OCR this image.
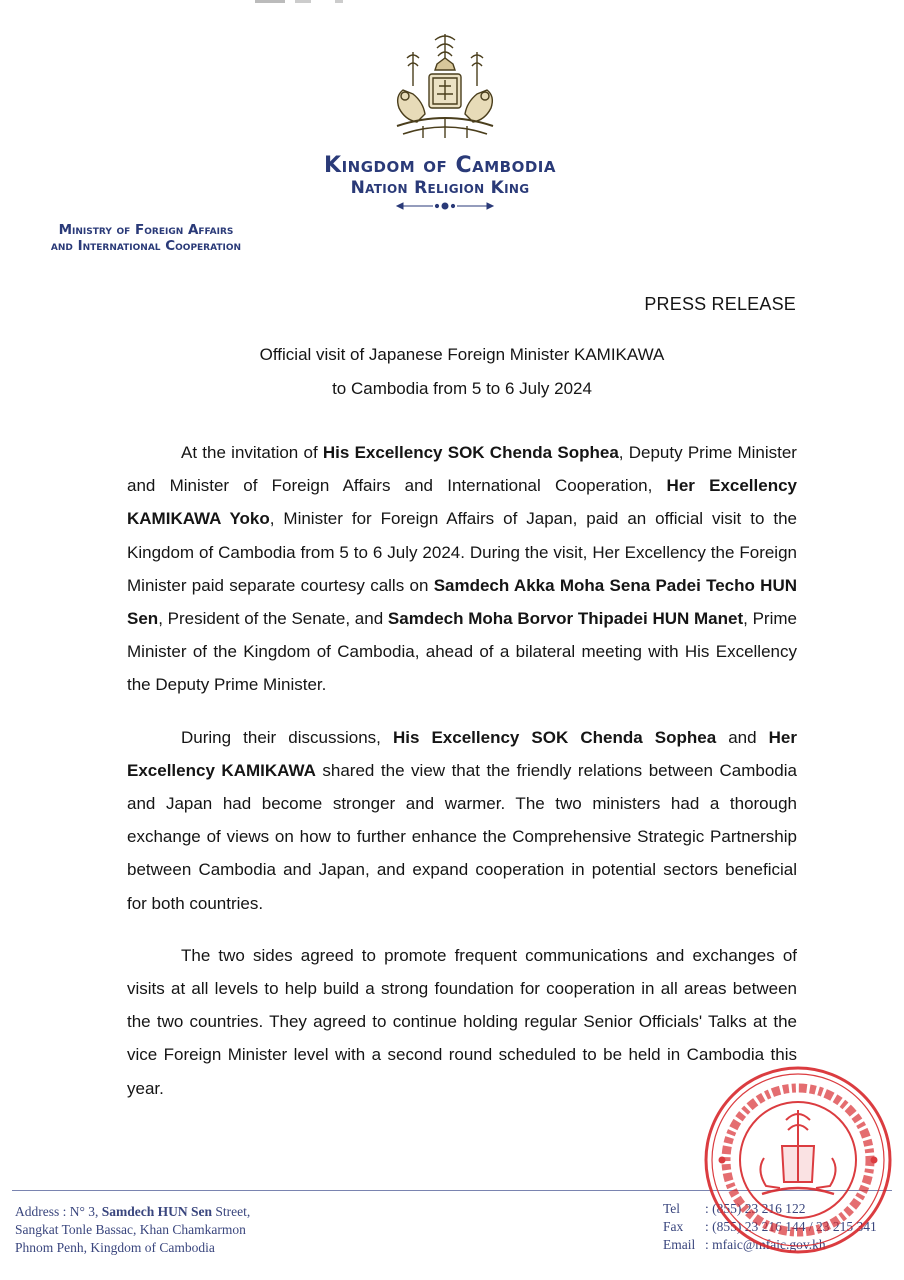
Kingdom of Cambodia
Nation Religion King
Ministry of Foreign Affairs
and International Cooperation
PRESS RELEASE
Official visit of Japanese Foreign Minister KAMIKAWA
to Cambodia from 5 to 6 July 2024

At the invitation of His Excellency SOK Chenda Sophea, Deputy Prime Minister and Minister of Foreign Affairs and International Cooperation, Her Excellency KAMIKAWA Yoko, Minister for Foreign Affairs of Japan, paid an official visit to the Kingdom of Cambodia from 5 to 6 July 2024. During the visit, Her Excellency the Foreign Minister paid separate courtesy calls on Samdech Akka Moha Sena Padei Techo HUN Sen, President of the Senate, and Samdech Moha Borvor Thipadei HUN Manet, Prime Minister of the Kingdom of Cambodia, ahead of a bilateral meeting with His Excellency the Deputy Prime Minister.

During their discussions, His Excellency SOK Chenda Sophea and Her Excellency KAMIKAWA shared the view that the friendly relations between Cambodia and Japan had become stronger and warmer. The two ministers had a thorough exchange of views on how to further enhance the Comprehensive Strategic Partnership between Cambodia and Japan, and expand cooperation in potential sectors beneficial for both countries.

The two sides agreed to promote frequent communications and exchanges of visits at all levels to help build a strong foundation for cooperation in all areas between the two countries. They agreed to continue holding regular Senior Officials' Talks at the vice Foreign Minister level with a second round scheduled to be held in Cambodia this year.

Address : N° 3, Samdech HUN Sen Street,
Sangkat Tonle Bassac, Khan Chamkarmon
Phnom Penh, Kingdom of Cambodia
Tel : (855) 23 216 122
Fax : (855) 23 216 144 / 23 215 341
Email : mfaic@mfaic.gov.kh
